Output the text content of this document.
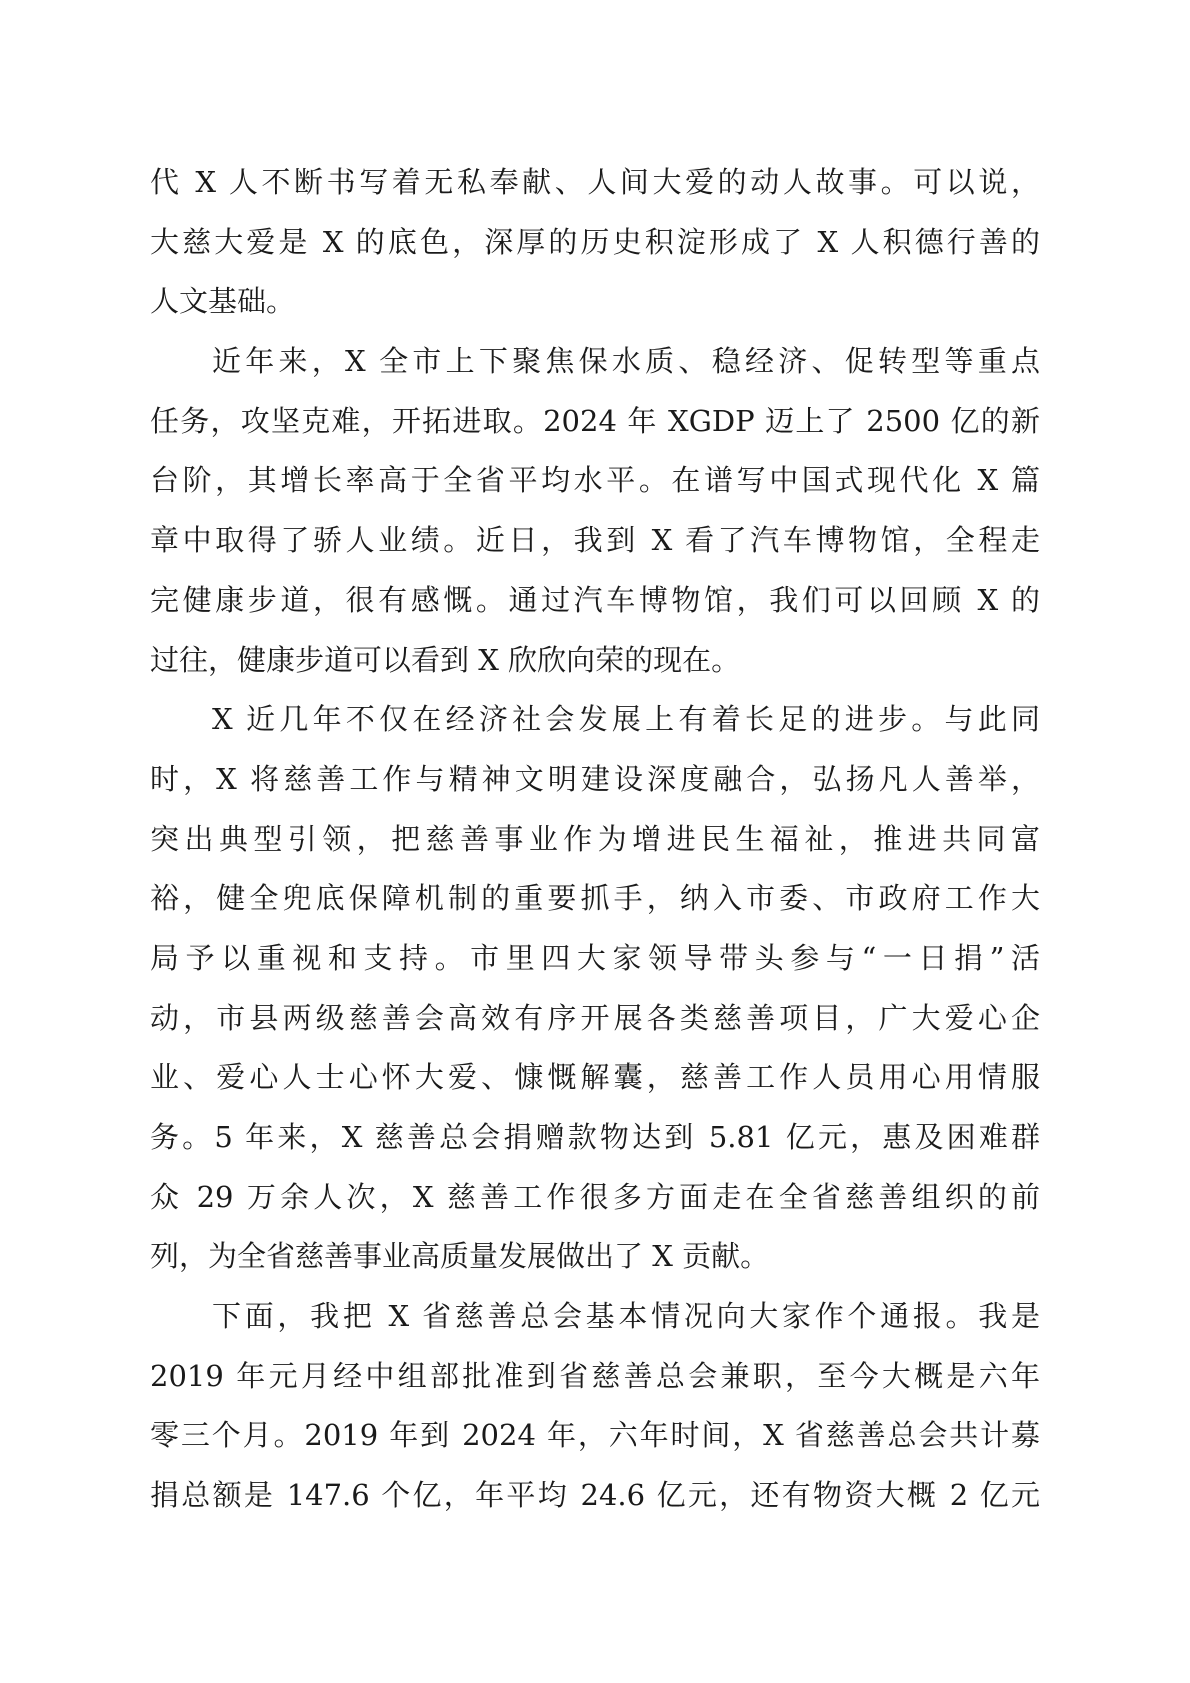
代 X 人不断书写着无私奉献、人间大爱的动人故事。可以说，
大慈大爱是 X 的底色，深厚的历史积淀形成了 X 人积德行善的
人文基础。
近年来，X 全市上下聚焦保水质、稳经济、促转型等重点
任务，攻坚克难，开拓进取。2024 年 XGDP 迈上了 2500 亿的新
台阶，其增长率高于全省平均水平。在谱写中国式现代化 X 篇
章中取得了骄人业绩。近日，我到 X 看了汽车博物馆，全程走
完健康步道，很有感慨。通过汽车博物馆，我们可以回顾 X 的
过往，健康步道可以看到 X 欣欣向荣的现在。
X 近几年不仅在经济社会发展上有着长足的进步。与此同
时，X 将慈善工作与精神文明建设深度融合，弘扬凡人善举，
突出典型引领，把慈善事业作为增进民生福祉，推进共同富
裕，健全兜底保障机制的重要抓手，纳入市委、市政府工作大
局予以重视和支持。市里四大家领导带头参与“一日捐”活
动，市县两级慈善会高效有序开展各类慈善项目，广大爱心企
业、爱心人士心怀大爱、慷慨解囊，慈善工作人员用心用情服
务。5 年来，X 慈善总会捐赠款物达到 5.81 亿元，惠及困难群
众 29 万余人次，X 慈善工作很多方面走在全省慈善组织的前
列，为全省慈善事业高质量发展做出了 X 贡献。
下面，我把 X 省慈善总会基本情况向大家作个通报。我是
2019 年元月经中组部批准到省慈善总会兼职，至今大概是六年
零三个月。2019 年到 2024 年，六年时间，X 省慈善总会共计募
捐总额是 147.6 个亿，年平均 24.6 亿元，还有物资大概 2 亿元
